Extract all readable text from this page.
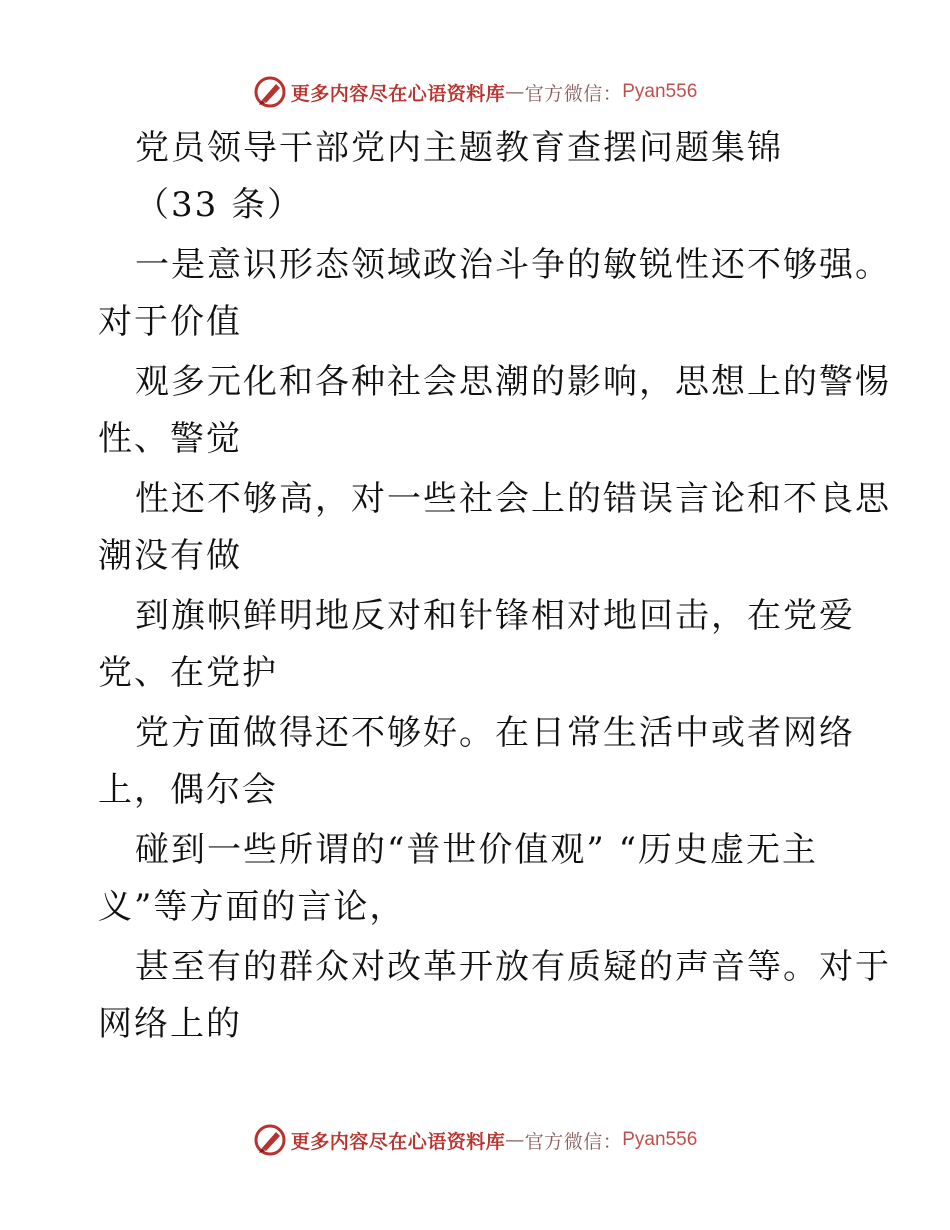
更多内容尽在心语资料库 — 官方微信： Pyan556
党员领导干部党内主题教育查摆问题集锦
（33 条）
一是意识形态领域政治斗争的敏锐性还不够强。
对于价值
观多元化和各种社会思潮的影响，思想上的警惕
性、警觉
性还不够高，对一些社会上的错误言论和不良思
潮没有做
到旗帜鲜明地反对和针锋相对地回击，在党爱
党、在党护
党方面做得还不够好。在日常生活中或者网络
上，偶尔会
碰到一些所谓的“普世价值观” “历史虚无主
义”等方面的言论，
甚至有的群众对改革开放有质疑的声音等。对于
网络上的
更多内容尽在心语资料库 — 官方微信： Pyan556
